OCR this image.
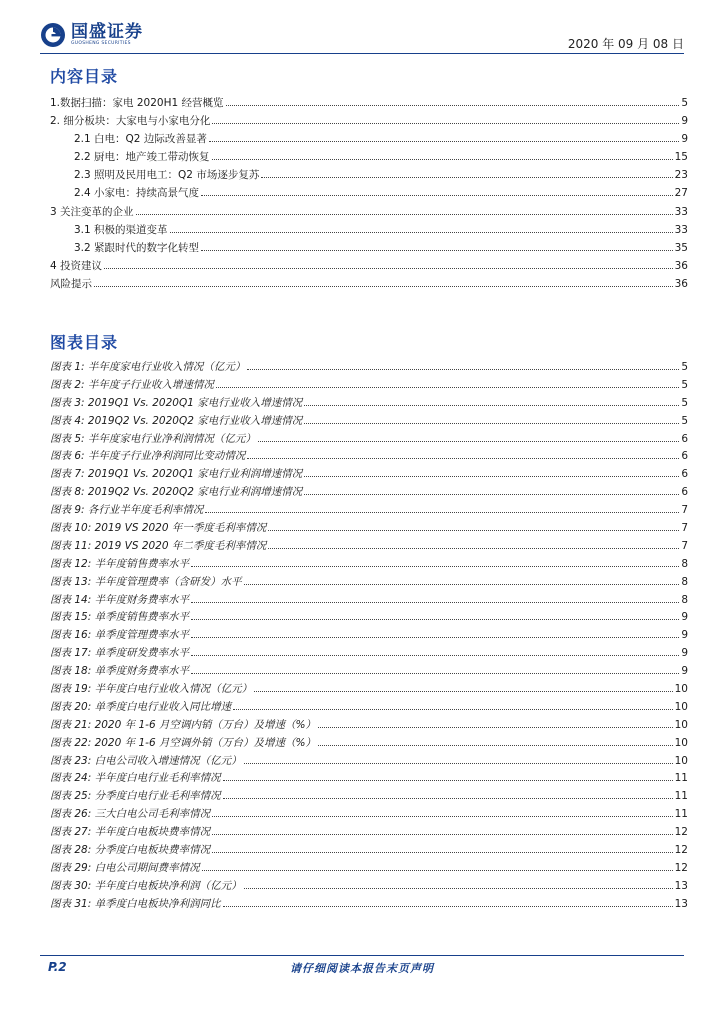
国盛证券
GUOSHENG SECURITIES	2020 年 09 月 08 日
内容目录
1.数据扫描：家电 2020H1 经营概览	5
2. 细分板块：大家电与小家电分化	9
2.1 白电：Q2 边际改善显著	9
2.2 厨电：地产竣工带动恢复	15
2.3 照明及民用电工：Q2 市场逐步复苏	23
2.4 小家电：持续高景气度	27
3 关注变革的企业	33
3.1 积极的渠道变革	33
3.2 紧跟时代的数字化转型	35
4 投资建议	36
风险提示	36
图表目录
图表 1: 半年度家电行业收入情况（亿元）	5
图表 2: 半年度子行业收入增速情况	5
图表 3: 2019Q1 Vs. 2020Q1 家电行业收入增速情况	5
图表 4: 2019Q2 Vs. 2020Q2 家电行业收入增速情况	5
图表 5: 半年度家电行业净利润情况（亿元）	6
图表 6: 半年度子行业净利润同比变动情况	6
图表 7: 2019Q1 Vs. 2020Q1 家电行业利润增速情况	6
图表 8: 2019Q2 Vs. 2020Q2 家电行业利润增速情况	6
图表 9: 各行业半年度毛利率情况	7
图表 10: 2019 VS 2020 年一季度毛利率情况	7
图表 11: 2019 VS 2020 年二季度毛利率情况	7
图表 12: 半年度销售费率水平	8
图表 13: 半年度管理费率（含研发）水平	8
图表 14: 半年度财务费率水平	8
图表 15: 单季度销售费率水平	9
图表 16: 单季度管理费率水平	9
图表 17: 单季度研发费率水平	9
图表 18: 单季度财务费率水平	9
图表 19: 半年度白电行业收入情况（亿元）	10
图表 20: 单季度白电行业收入同比增速	10
图表 21: 2020 年 1-6 月空调内销（万台）及增速（%）	10
图表 22: 2020 年 1-6 月空调外销（万台）及增速（%）	10
图表 23: 白电公司收入增速情况（亿元）	10
图表 24: 半年度白电行业毛利率情况	11
图表 25: 分季度白电行业毛利率情况	11
图表 26: 三大白电公司毛利率情况	11
图表 27: 半年度白电板块费率情况	12
图表 28: 分季度白电板块费率情况	12
图表 29: 白电公司期间费率情况	12
图表 30: 半年度白电板块净利润（亿元）	13
图表 31: 单季度白电板块净利润同比	13
请仔细阅读本报告末页声明
P.2
